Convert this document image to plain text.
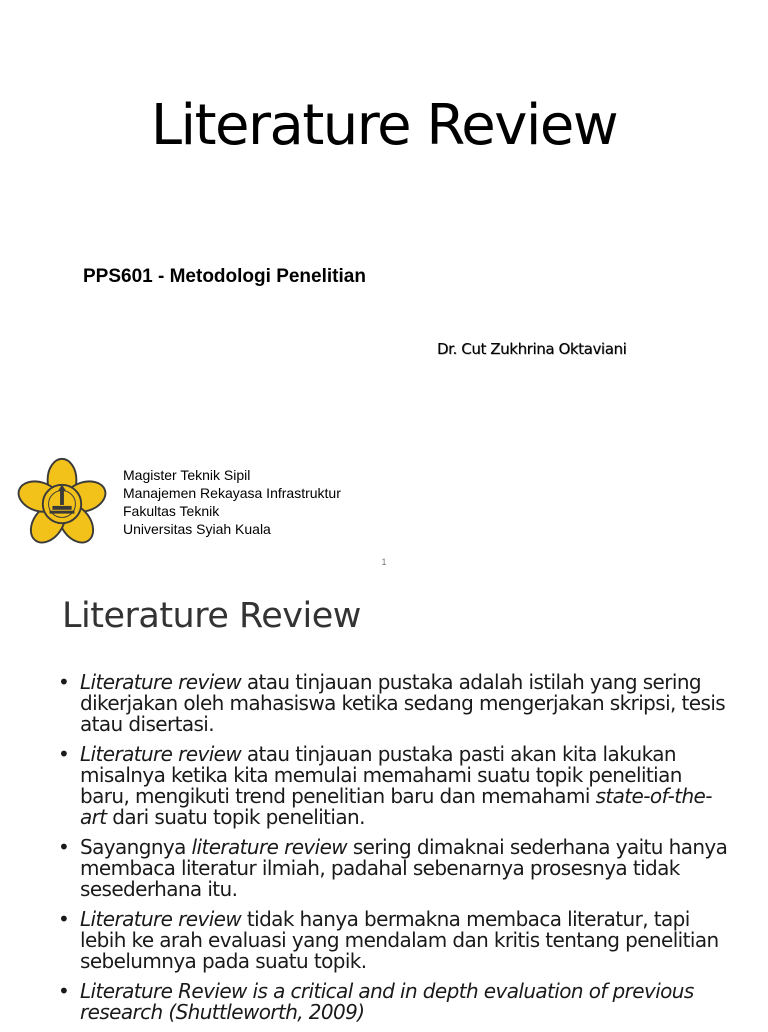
Literature Review
PPS601 - Metodologi Penelitian
Dr. Cut Zukhrina Oktaviani
Magister Teknik Sipil
Manajemen Rekayasa Infrastruktur
Fakultas Teknik
Universitas Syiah Kuala
1
Literature Review
• Literature review atau tinjauan pustaka adalah istilah yang sering dikerjakan oleh mahasiswa ketika sedang mengerjakan skripsi, tesis atau disertasi.
• Literature review atau tinjauan pustaka pasti akan kita lakukan misalnya ketika kita memulai memahami suatu topik penelitian baru, mengikuti trend penelitian baru dan memahami state-of-the-art dari suatu topik penelitian.
• Sayangnya literature review sering dimaknai sederhana yaitu hanya membaca literatur ilmiah, padahal sebenarnya prosesnya tidak sesederhana itu.
• Literature review tidak hanya bermakna membaca literatur, tapi lebih ke arah evaluasi yang mendalam dan kritis tentang penelitian sebelumnya pada suatu topik.
• Literature Review is a critical and in depth evaluation of previous research (Shuttleworth, 2009)
